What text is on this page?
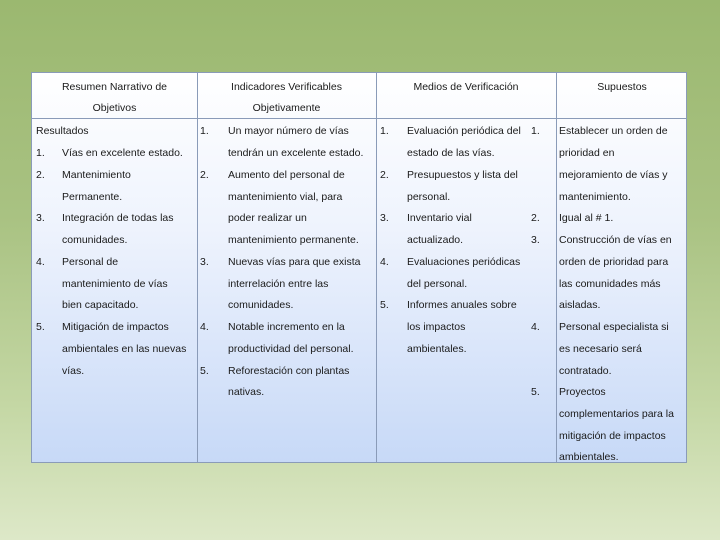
Resumen Narrativo de
Objetivos
Indicadores Verificables
Objetivamente
Medios de Verificación	Supuestos
Resultados
1. Vías en excelente estado.
2. Mantenimiento
Permanente.
3. Integración de todas las
comunidades.
4. Personal de
mantenimiento de vías
bien capacitado.
5. Mitigación de impactos
ambientales en las nuevas
vías.
1. Un mayor número de vías
tendrán un excelente estado.
2. Aumento del personal de
mantenimiento vial, para
poder realizar un
mantenimiento permanente.
3. Nuevas vías para que exista
interrelación entre las
comunidades.
4. Notable incremento en la
productividad del personal.
5. Reforestación con plantas
nativas.
1. Evaluación periódica del
estado de las vías.
2. Presupuestos y lista del
personal.
3. Inventario vial
actualizado.
4. Evaluaciones periódicas
del personal.
5. Informes anuales sobre
los impactos
ambientales.
1. Establecer un orden de
prioridad en
mejoramiento de vías y
mantenimiento.
2. Igual al # 1.
3. Construcción de vías en
orden de prioridad para
las comunidades más
aisladas.
4. Personal especialista si
es necesario será
contratado.
5. Proyectos
complementarios para la
mitigación de impactos
ambientales.
